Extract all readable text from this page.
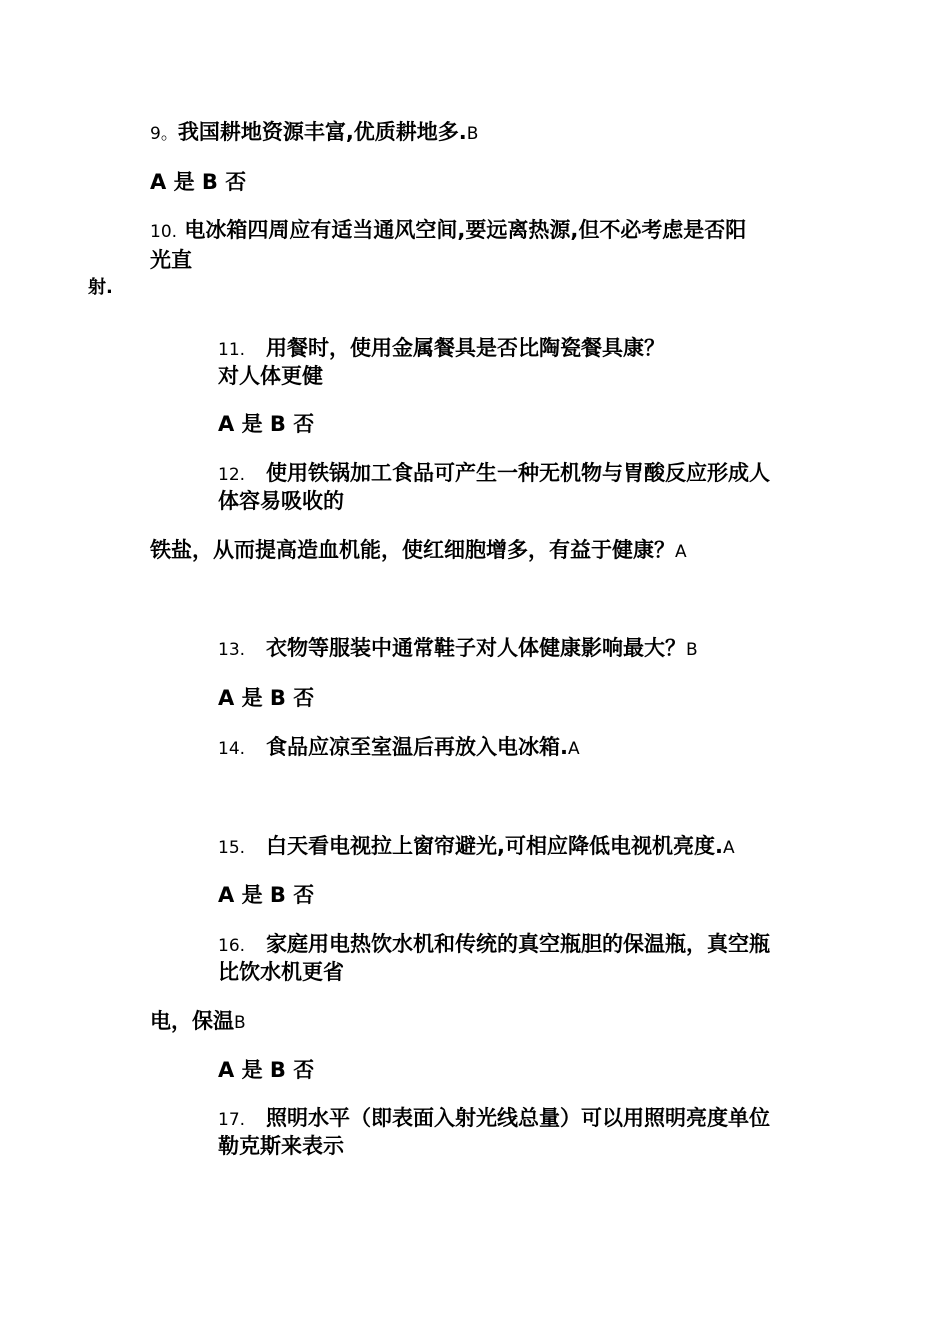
9。我国耕地资源丰富,优质耕地多.B
A 是 B 否
10. 电冰箱四周应有适当通风空间,要远离热源,但不必考虑是否阳
光直
射.
11. 用餐时，使用金属餐具是否比陶瓷餐具康？
对人体更健
A 是 B 否
12. 使用铁锅加工食品可产生一种无机物与胃酸反应形成人
体容易吸收的
铁盐，从而提高造血机能，使红细胞增多，有益于健康？A
13. 衣物等服装中通常鞋子对人体健康影响最大？B
A 是 B 否
14. 食品应凉至室温后再放入电冰箱.A
15. 白天看电视拉上窗帘避光,可相应降低电视机亮度.A
A 是 B 否
16. 家庭用电热饮水机和传统的真空瓶胆的保温瓶，真空瓶
比饮水机更省
电，保温B
A 是 B 否
17. 照明水平（即表面入射光线总量）可以用照明亮度单位
勒克斯来表示
